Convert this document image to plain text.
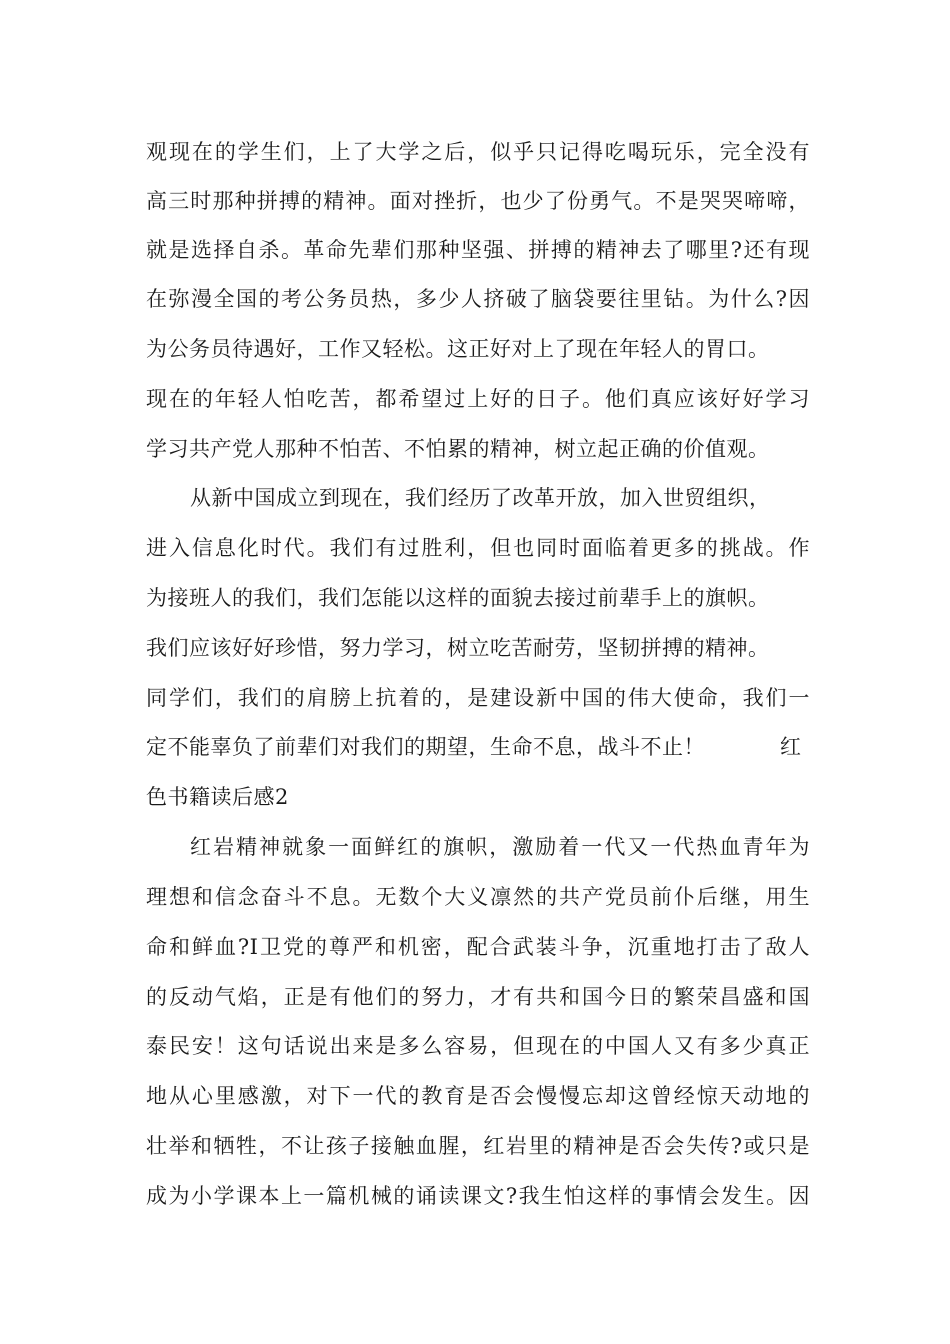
观现在的学生们，上了大学之后，似乎只记得吃喝玩乐，完全没有
高三时那种拼搏的精神。面对挫折，也少了份勇气。不是哭哭啼啼，
就是选择自杀。革命先辈们那种坚强、拼搏的精神去了哪里?还有现
在弥漫全国的考公务员热，多少人挤破了脑袋要往里钻。为什么?因
为公务员待遇好，工作又轻松。这正好对上了现在年轻人的胃口。
现在的年轻人怕吃苦，都希望过上好的日子。他们真应该好好学习
学习共产党人那种不怕苦、不怕累的精神，树立起正确的价值观。
从新中国成立到现在，我们经历了改革开放，加入世贸组织，
进入信息化时代。我们有过胜利，但也同时面临着更多的挑战。作
为接班人的我们，我们怎能以这样的面貌去接过前辈手上的旗帜。
我们应该好好珍惜，努力学习，树立吃苦耐劳，坚韧拼搏的精神。
同学们，我们的肩膀上抗着的，是建设新中国的伟大使命，我们一
定不能辜负了前辈们对我们的期望，生命不息，战斗不止！	红
色书籍读后感2
红岩精神就象一面鲜红的旗帜，激励着一代又一代热血青年为
理想和信念奋斗不息。无数个大义凛然的共产党员前仆后继，用生
命和鲜血?I卫党的尊严和机密，配合武装斗争，沉重地打击了敌人
的反动气焰，正是有他们的努力，才有共和国今日的繁荣昌盛和国
泰民安！这句话说出来是多么容易，但现在的中国人又有多少真正
地从心里感激，对下一代的教育是否会慢慢忘却这曾经惊天动地的
壮举和牺牲，不让孩子接触血腥，红岩里的精神是否会失传?或只是
成为小学课本上一篇机械的诵读课文?我生怕这样的事情会发生。因
